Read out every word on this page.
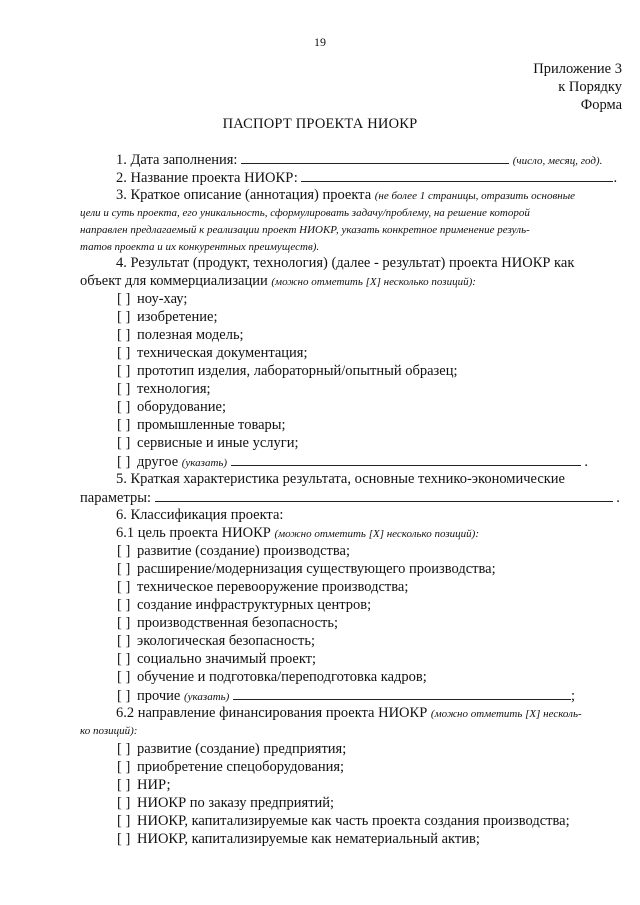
19
Приложение 3
к Порядку
Форма
ПАСПОРТ ПРОЕКТА НИОКР
1. Дата заполнения:	(число, месяц, год).
2. Название проекта НИОКР:	.
3. Краткое описание (аннотация) проекта (не более 1 страницы, отразить основные
цели и суть проекта, его уникальность, сформулировать задачу/проблему, на решение которой
направлен предлагаемый к реализации проект НИОКР, указать конкретное применение резуль-
татов проекта и их конкурентных преимуществ).
4. Результат (продукт, технология) (далее - результат) проекта НИОКР как
объект для коммерциализации (можно отметить [X] несколько позиций):
[ ] ноу-хау;
[ ] изобретение;
[ ] полезная модель;
[ ] техническая документация;
[ ] прототип изделия, лабораторный/опытный образец;
[ ] технология;
[ ] оборудование;
[ ] промышленные товары;
[ ] сервисные и иные услуги;
[ ] другое (указать)	.
5. Краткая характеристика результата, основные технико-экономические
параметры:	.
6. Классификация проекта:
6.1 цель проекта НИОКР (можно отметить [X] несколько позиций):
[ ] развитие (создание) производства;
[ ] расширение/модернизация существующего производства;
[ ] техническое перевооружение производства;
[ ] создание инфраструктурных центров;
[ ] производственная безопасность;
[ ] экологическая безопасность;
[ ] социально значимый проект;
[ ] обучение и подготовка/переподготовка кадров;
[ ] прочие (указать)	;
6.2 направление финансирования проекта НИОКР (можно отметить [X] несколь-
ко позиций):
[ ] развитие (создание) предприятия;
[ ] приобретение спецоборудования;
[ ] НИР;
[ ] НИОКР по заказу предприятий;
[ ] НИОКР, капитализируемые как часть проекта создания производства;
[ ] НИОКР, капитализируемые как нематериальный актив;
